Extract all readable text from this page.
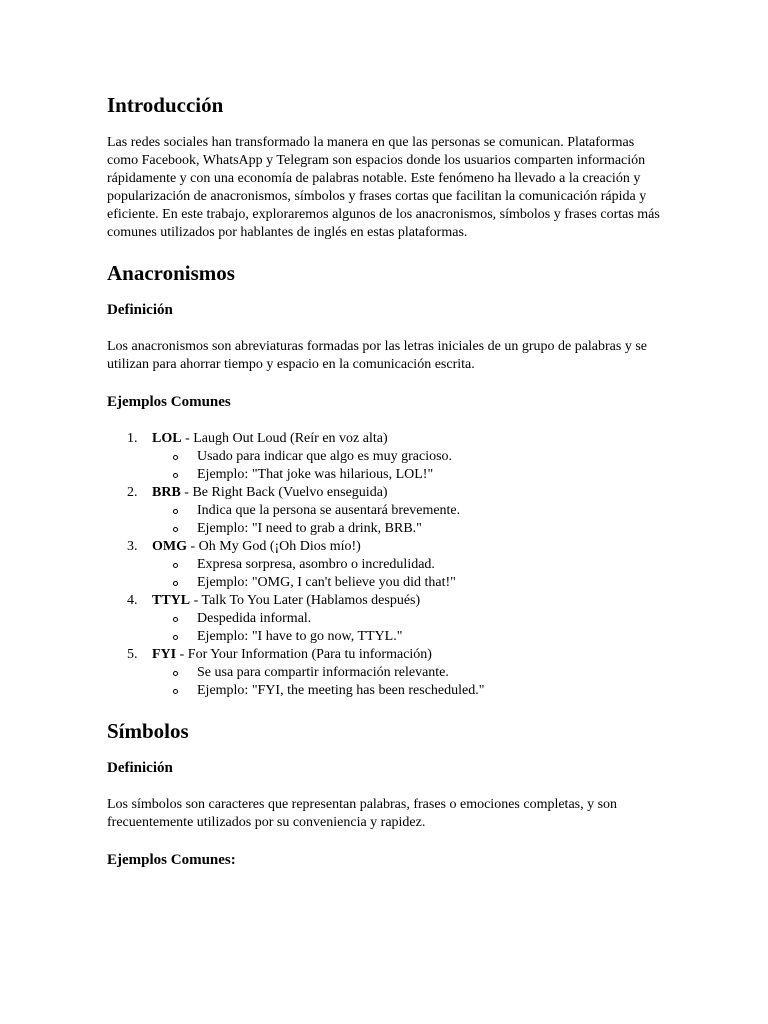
Introducción

Las redes sociales han transformado la manera en que las personas se comunican. Plataformas como Facebook, WhatsApp y Telegram son espacios donde los usuarios comparten información rápidamente y con una economía de palabras notable. Este fenómeno ha llevado a la creación y popularización de anacronismos, símbolos y frases cortas que facilitan la comunicación rápida y eficiente. En este trabajo, exploraremos algunos de los anacronismos, símbolos y frases cortas más comunes utilizados por hablantes de inglés en estas plataformas.

Anacronismos
Definición

Los anacronismos son abreviaturas formadas por las letras iniciales de un grupo de palabras y se utilizan para ahorrar tiempo y espacio en la comunicación escrita.

Ejemplos Comunes
1. LOL - Laugh Out Loud (Reír en voz alta)
Usado para indicar que algo es muy gracioso.
Ejemplo: "That joke was hilarious, LOL!"
2. BRB - Be Right Back (Vuelvo enseguida)
Indica que la persona se ausentará brevemente.
Ejemplo: "I need to grab a drink, BRB."
3. OMG - Oh My God (¡Oh Dios mío!)
Expresa sorpresa, asombro o incredulidad.
Ejemplo: "OMG, I can't believe you did that!"
4. TTYL - Talk To You Later (Hablamos después)
Despedida informal.
Ejemplo: "I have to go now, TTYL."
5. FYI - For Your Information (Para tu información)
Se usa para compartir información relevante.
Ejemplo: "FYI, the meeting has been rescheduled."
Símbolos
Definición

Los símbolos son caracteres que representan palabras, frases o emociones completas, y son frecuentemente utilizados por su conveniencia y rapidez.

Ejemplos Comunes:
